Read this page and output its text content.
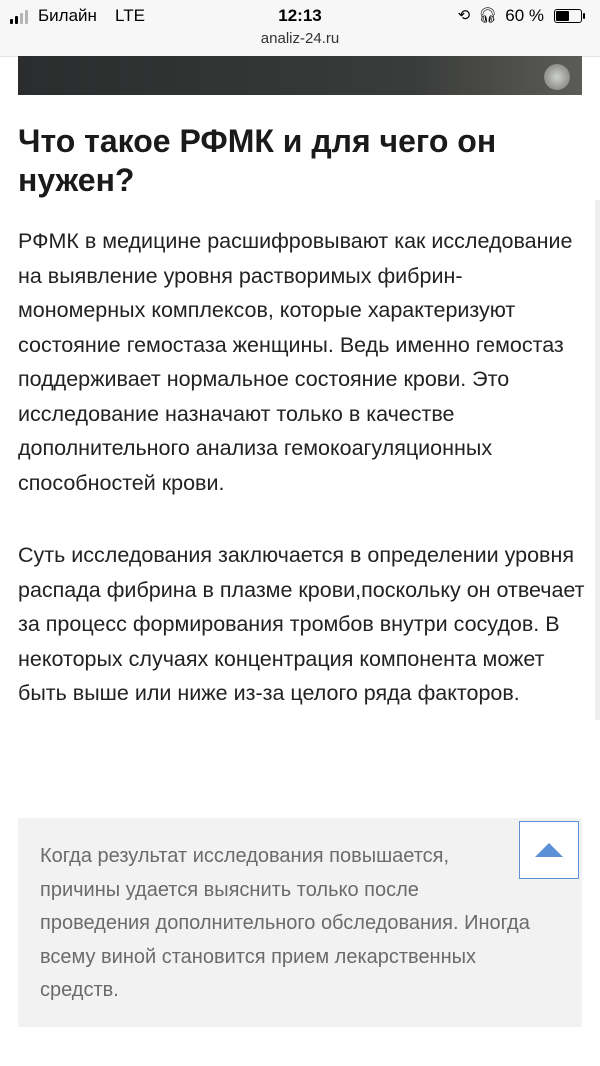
Билайн LTE	12:13	⟲ 🎧︎ 60 %
analiz-24.ru
Что такое РФМК и для чего он нужен?

РФМК в медицине расшифровывают как исследование на выявление уровня растворимых фибрин-мономерных комплексов, которые характеризуют состояние гемостаза женщины. Ведь именно гемостаз поддерживает нормальное состояние крови. Это исследование назначают только в качестве дополнительного анализа гемокоагуляционных способностей крови.

Суть исследования заключается в определении уровня распада фибрина в плазме крови,поскольку он отвечает за процесс формирования тромбов внутри сосудов. В некоторых случаях концентрация компонента может быть выше или ниже из-за целого ряда факторов.

Когда результат исследования повышается, причины удается выяснить только после проведения дополнительного обследования. Иногда всему виной становится прием лекарственных средств.
